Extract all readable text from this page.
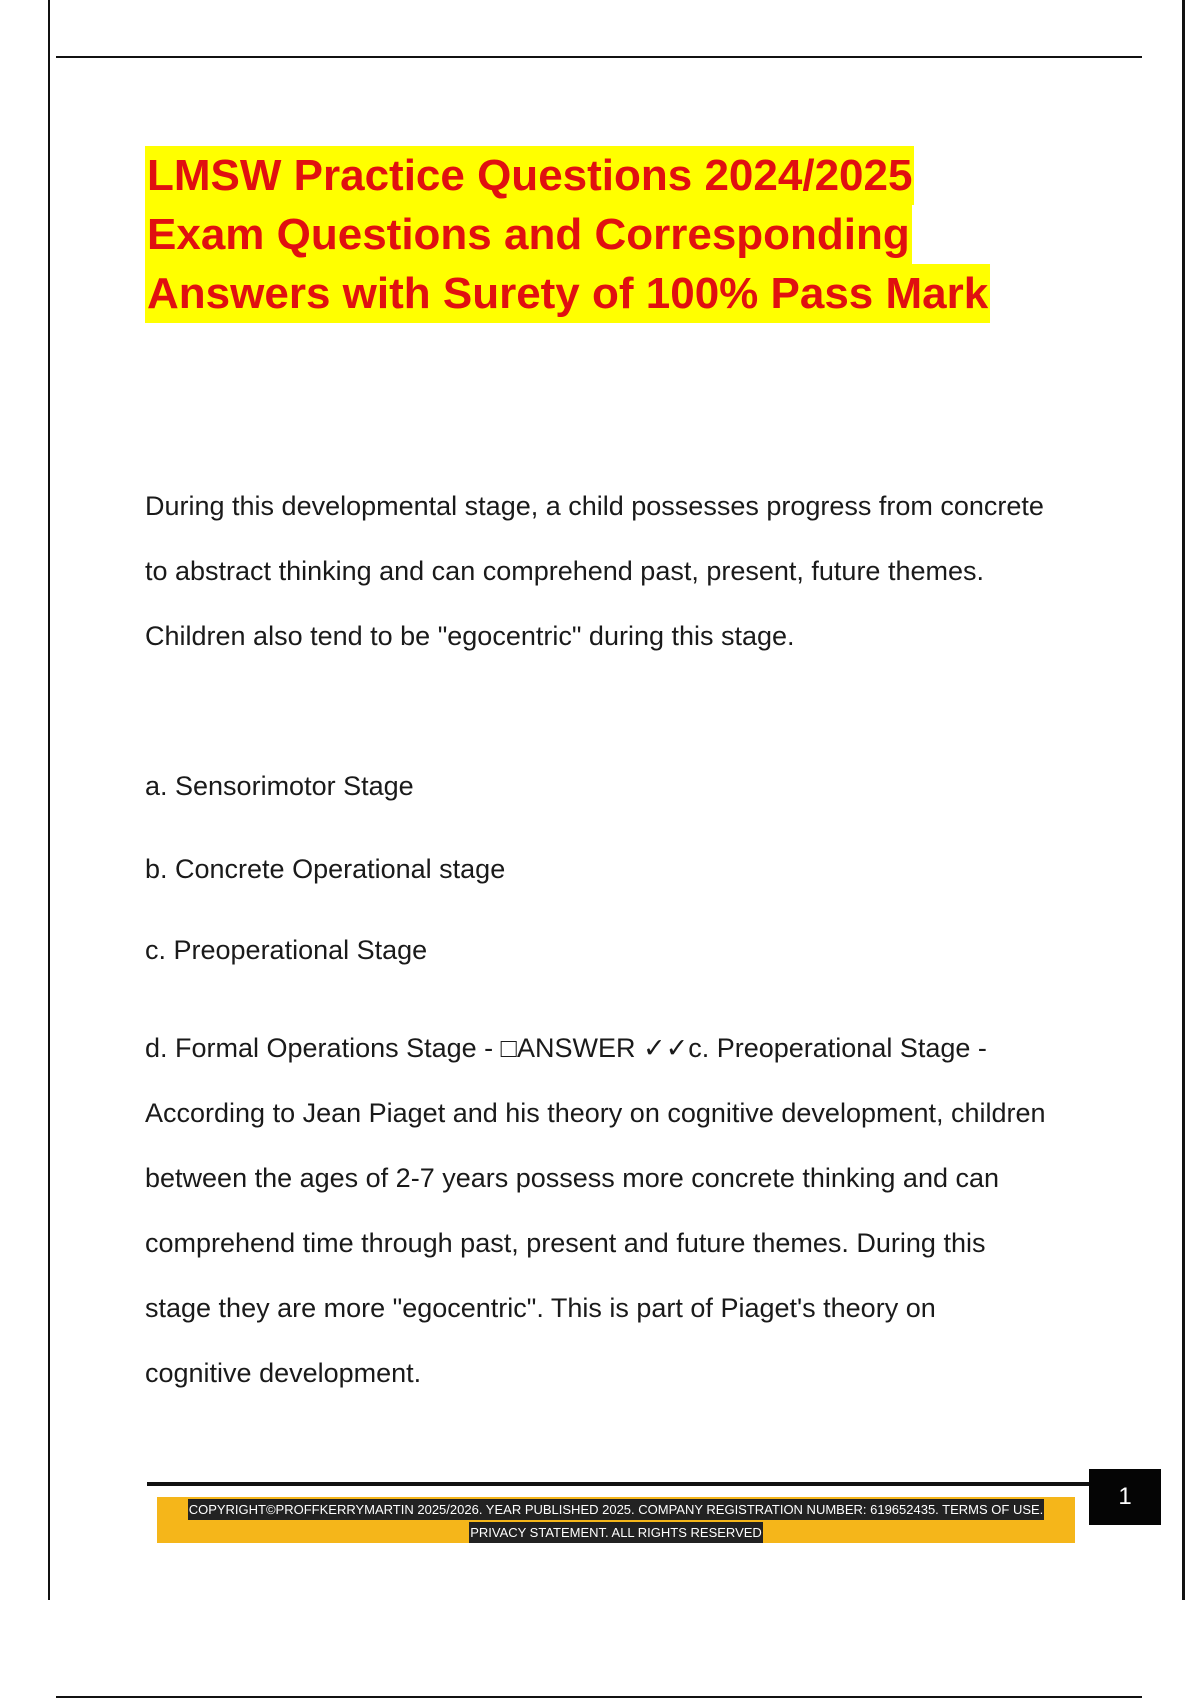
LMSW Practice Questions 2024/2025
Exam Questions and Corresponding
Answers with Surety of 100% Pass Mark

During this developmental stage, a child possesses progress from concrete
to abstract thinking and can comprehend past, present, future themes.
Children also tend to be "egocentric" during this stage.

a. Sensorimotor Stage
b. Concrete Operational stage
c. Preoperational Stage

d. Formal Operations Stage - □ANSWER ✓✓c. Preoperational Stage -
According to Jean Piaget and his theory on cognitive development, children
between the ages of 2-7 years possess more concrete thinking and can
comprehend time through past, present and future themes. During this
stage they are more "egocentric". This is part of Piaget's theory on
cognitive development.

1
COPYRIGHT©PROFFKERRYMARTIN 2025/2026. YEAR PUBLISHED 2025. COMPANY REGISTRATION NUMBER: 619652435. TERMS OF USE.
PRIVACY STATEMENT. ALL RIGHTS RESERVED
